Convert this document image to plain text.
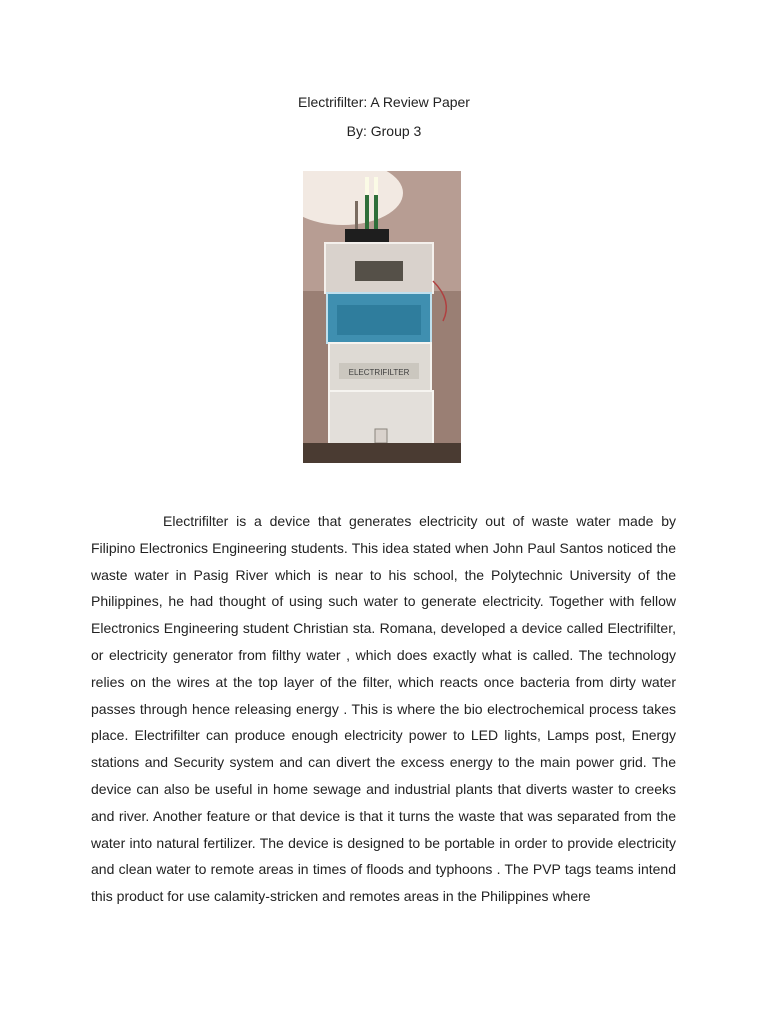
Electrifilter: A Review Paper
By: Group 3
ELECTRIFILTER

Electrifilter is a device that generates electricity out of waste water made by Filipino Electronics Engineering students. This idea stated when John Paul Santos noticed the waste water in Pasig River which is near to his school, the Polytechnic University of the Philippines, he had thought of using such water to generate electricity. Together with fellow Electronics Engineering student Christian sta. Romana, developed a device called Electrifilter, or electricity generator from filthy water , which does exactly what is called. The technology relies on the wires at the top layer of the filter, which reacts once bacteria from dirty water passes through hence releasing energy . This is where the bio electrochemical process takes place. Electrifilter can produce enough electricity power to LED lights, Lamps post, Energy stations and Security system and can divert the excess energy to the main power grid. The device can also be useful in home sewage and industrial plants that diverts waster to creeks and river. Another feature or that device is that it turns the waste that was separated from the water into natural fertilizer. The device is designed to be portable in order to provide electricity and clean water to remote areas in times of floods and typhoons . The PVP tags teams intend this product for use calamity-stricken and remotes areas in the Philippines where
